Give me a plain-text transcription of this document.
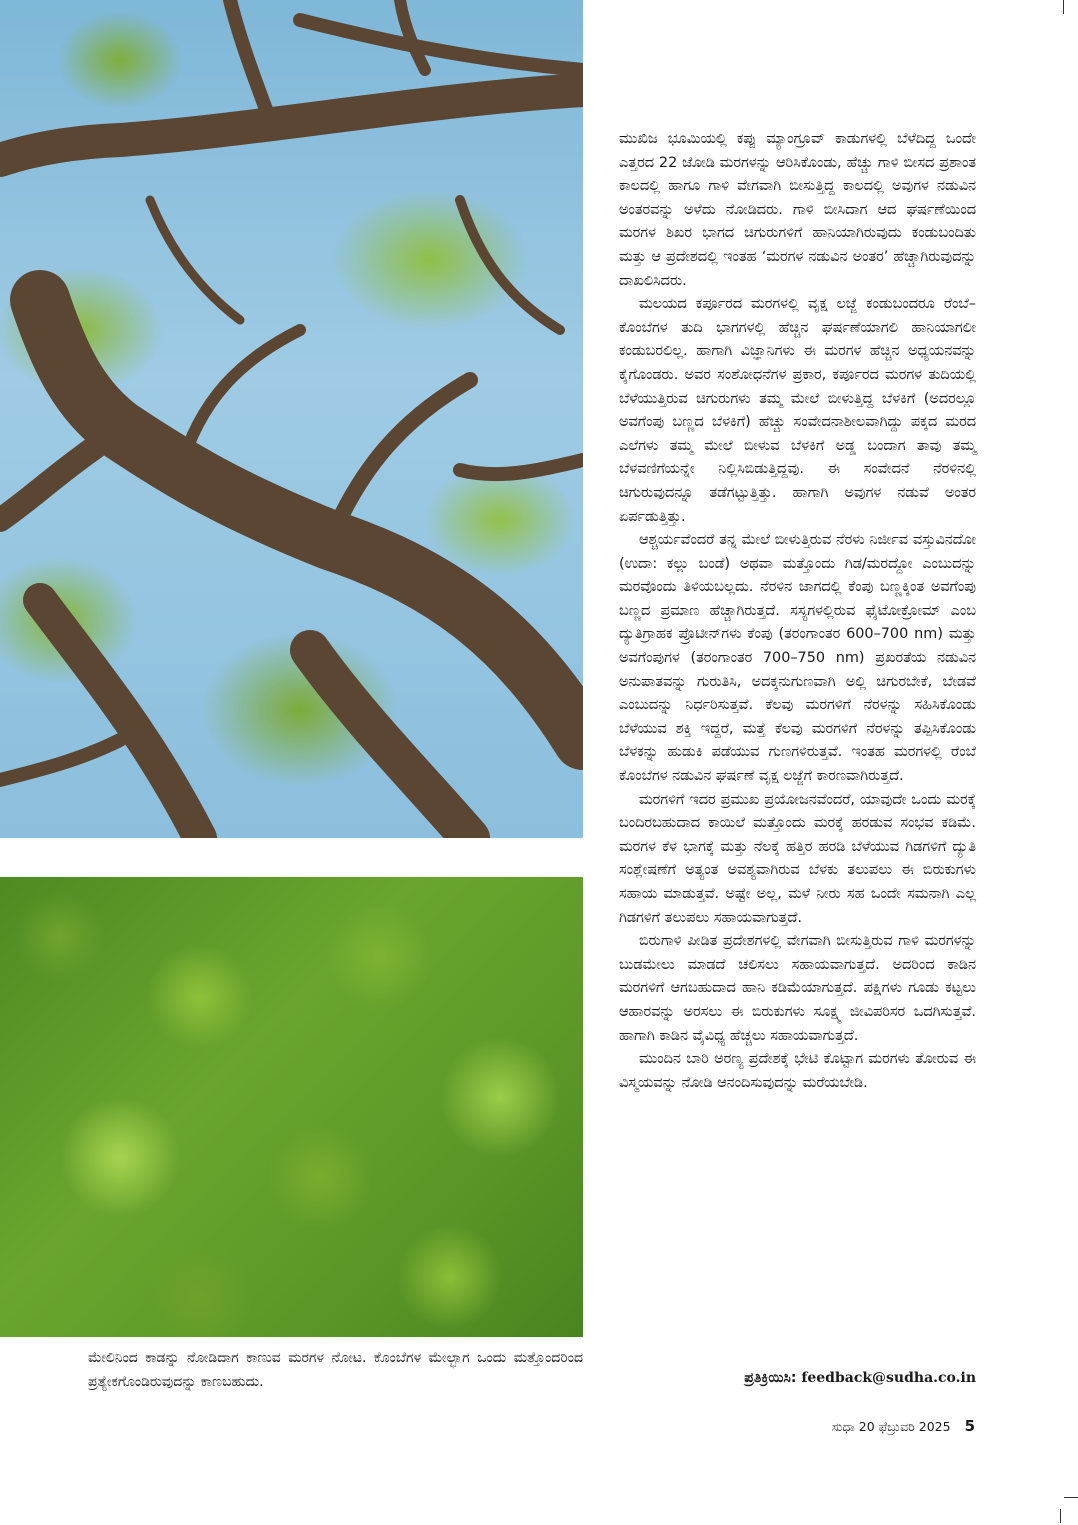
ಮುಖಿಜ ಭೂಮಿಯಲ್ಲಿ ಕಪ್ಪು ಮ್ಯಾಂಗ್ರೂವ್ ಕಾಡುಗಳಲ್ಲಿ ಬೆಳೆದಿದ್ದ ಒಂದೇ ಎತ್ತರದ 22 ಜೋಡಿ ಮರಗಳನ್ನು ಆರಿಸಿಕೊಂಡು, ಹೆಚ್ಚು ಗಾಳಿ ಬೀಸದ ಪ್ರಶಾಂತ ಕಾಲದಲ್ಲಿ ಹಾಗೂ ಗಾಳಿ ವೇಗವಾಗಿ ಬೀಸುತ್ತಿದ್ದ ಕಾಲದಲ್ಲಿ ಅವುಗಳ ನಡುವಿನ ಅಂತರವನ್ನು ಅಳೆದು ನೋಡಿದರು. ಗಾಳಿ ಬೀಸಿದಾಗ ಆದ ಘರ್ಷಣೆಯಿಂದ ಮರಗಳ ಶಿಖರ ಭಾಗದ ಚಿಗುರುಗಳಿಗೆ ಹಾನಿಯಾಗಿರುವುದು ಕಂಡುಬಂದಿತು ಮತ್ತು ಆ ಪ್ರದೇಶದಲ್ಲಿ ಇಂತಹ ‘ಮರಗಳ ನಡುವಿನ ಅಂತರ’ ಹೆಚ್ಚಾಗಿರುವುದನ್ನು ದಾಖಲಿಸಿದರು.

ಮಲಯದ ಕರ್ಪೂರದ ಮರಗಳಲ್ಲಿ ವೃಕ್ಷ ಲಜ್ಜೆ ಕಂಡುಬಂದರೂ ರೆಂಬೆ–ಕೊಂಬೆಗಳ ತುದಿ ಭಾಗಗಳಲ್ಲಿ ಹೆಚ್ಚಿನ ಘರ್ಷಣೆಯಾಗಲಿ ಹಾನಿಯಾಗಲೀ ಕಂಡುಬರಲಿಲ್ಲ. ಹಾಗಾಗಿ ವಿಜ್ಞಾನಿಗಳು ಈ ಮರಗಳ ಹೆಚ್ಚಿನ ಅಧ್ಯಯನವನ್ನು ಕೈಗೊಂಡರು. ಅವರ ಸಂಶೋಧನೆಗಳ ಪ್ರಕಾರ, ಕರ್ಪೂರದ ಮರಗಳ ತುದಿಯಲ್ಲಿ ಬೆಳೆಯುತ್ತಿರುವ ಚಿಗುರುಗಳು ತಮ್ಮ ಮೇಲೆ ಬೀಳುತ್ತಿದ್ದ ಬೆಳಕಿಗೆ (ಅದರಲ್ಲೂ ಅವಗೆಂಪು ಬಣ್ಣದ ಬೆಳಕಿಗೆ) ಹೆಚ್ಚು ಸಂವೇದನಾಶೀಲವಾಗಿದ್ದು ಪಕ್ಕದ ಮರದ ಎಲೆಗಳು ತಮ್ಮ ಮೇಲೆ ಬೀಳುವ ಬೆಳಕಿಗೆ ಅಡ್ಡ ಬಂದಾಗ ತಾವು ತಮ್ಮ ಬೆಳವಣಿಗೆಯನ್ನೇ ನಿಲ್ಲಿಸಿಬಿಡುತ್ತಿದ್ದವು. ಈ ಸಂವೇದನೆ ನೆರಳಿನಲ್ಲಿ ಚಿಗುರುವುದನ್ನೂ ತಡೆಗಟ್ಟುತ್ತಿತ್ತು. ಹಾಗಾಗಿ ಅವುಗಳ ನಡುವೆ ಅಂತರ ಏರ್ಪಡುತ್ತಿತ್ತು.

ಆಶ್ಚರ್ಯವೆಂದರೆ ತನ್ನ ಮೇಲೆ ಬೀಳುತ್ತಿರುವ ನೆರಳು ನಿರ್ಜೀವ ವಸ್ತುವಿನದೋ (ಉದಾ: ಕಲ್ಲು ಬಂಡೆ) ಅಥವಾ ಮತ್ತೊಂದು ಗಿಡ/ಮರದ್ದೋ ಎಂಬುದನ್ನು ಮರವೊಂದು ತಿಳಿಯಬಲ್ಲದು. ನೆರಳಿನ ಜಾಗದಲ್ಲಿ ಕೆಂಪು ಬಣ್ಣಕ್ಕಿಂತ ಅವಗೆಂಪು ಬಣ್ಣದ ಪ್ರಮಾಣ ಹೆಚ್ಚಾಗಿರುತ್ತದೆ. ಸಸ್ಯಗಳಲ್ಲಿರುವ ಫೈಟೋಕ್ರೋಮ್ ಎಂಬ ದ್ಯುತಿಗ್ರಾಹಕ ಪ್ರೊಟೀನ್‌ಗಳು ಕೆಂಪು (ತರಂಗಾಂತರ 600–700 nm) ಮತ್ತು ಅವಗೆಂಪುಗಳ (ತರಂಗಾಂತರ 700–750 nm) ಪ್ರಖರತೆಯ ನಡುವಿನ ಅನುಪಾತವನ್ನು ಗುರುತಿಸಿ, ಅದಕ್ಕನುಗುಣವಾಗಿ ಅಲ್ಲಿ ಚಿಗುರಬೇಕೆ, ಬೇಡವೆ ಎಂಬುದನ್ನು ನಿರ್ಧರಿಸುತ್ತವೆ. ಕೆಲವು ಮರಗಳಿಗೆ ನೆರಳನ್ನು ಸಹಿಸಿಕೊಂಡು ಬೆಳೆಯುವ ಶಕ್ತಿ ಇದ್ದರೆ, ಮತ್ತೆ ಕೆಲವು ಮರಗಳಿಗೆ ನೆರಳನ್ನು ತಪ್ಪಿಸಿಕೊಂಡು ಬೆಳಕನ್ನು ಹುಡುಕಿ ಪಡೆಯುವ ಗುಣಗಳಿರುತ್ತವೆ. ಇಂತಹ ಮರಗಳಲ್ಲಿ ರೆಂಬೆ ಕೊಂಬೆಗಳ ನಡುವಿನ ಘರ್ಷಣೆ ವೃಕ್ಷ ಲಜ್ಜೆಗೆ ಕಾರಣವಾಗಿರುತ್ತದೆ.

ಮರಗಳಿಗೆ ಇದರ ಪ್ರಮುಖ ಪ್ರಯೋಜನವೆಂದರೆ, ಯಾವುದೇ ಒಂದು ಮರಕ್ಕೆ ಬಂದಿರಬಹುದಾದ ಕಾಯಿಲೆ ಮತ್ತೊಂದು ಮರಕ್ಕೆ ಹರಡುವ ಸಂಭವ ಕಡಿಮೆ. ಮರಗಳ ಕೆಳ ಭಾಗಕ್ಕೆ ಮತ್ತು ನೆಲಕ್ಕೆ ಹತ್ತಿರ ಹರಡಿ ಬೆಳೆಯುವ ಗಿಡಗಳಿಗೆ ದ್ಯುತಿ ಸಂಶ್ಲೇಷಣೆಗೆ ಅತ್ಯಂತ ಅವಶ್ಯವಾಗಿರುವ ಬೆಳಕು ತಲುಪಲು ಈ ಬಿರುಕುಗಳು ಸಹಾಯ ಮಾಡುತ್ತವೆ. ಅಷ್ಟೇ ಅಲ್ಲ, ಮಳೆ ನೀರು ಸಹ ಒಂದೇ ಸಮನಾಗಿ ಎಲ್ಲ ಗಿಡಗಳಿಗೆ ತಲುಪಲು ಸಹಾಯವಾಗುತ್ತದೆ.

ಬಿರುಗಾಳಿ ಪೀಡಿತ ಪ್ರದೇಶಗಳಲ್ಲಿ ವೇಗವಾಗಿ ಬೀಸುತ್ತಿರುವ ಗಾಳಿ ಮರಗಳನ್ನು ಬುಡಮೇಲು ಮಾಡದೆ ಚಲಿಸಲು ಸಹಾಯವಾಗುತ್ತದೆ. ಅದರಿಂದ ಕಾಡಿನ ಮರಗಳಿಗೆ ಆಗಬಹುದಾದ ಹಾನಿ ಕಡಿಮೆಯಾಗುತ್ತದೆ. ಪಕ್ಷಿಗಳು ಗೂಡು ಕಟ್ಟಲು ಆಹಾರವನ್ನು ಅರಸಲು ಈ ಬಿರುಕುಗಳು ಸೂಕ್ಷ್ಮ ಜೀವಿಪರಿಸರ ಒದಗಿಸುತ್ತವೆ. ಹಾಗಾಗಿ ಕಾಡಿನ ವೈವಿಧ್ಯ ಹೆಚ್ಚಲು ಸಹಾಯವಾಗುತ್ತದೆ.

ಮುಂದಿನ ಬಾರಿ ಅರಣ್ಯ ಪ್ರದೇಶಕ್ಕೆ ಭೇಟಿ ಕೊಟ್ಟಾಗ ಮರಗಳು ತೋರುವ ಈ ವಿಸ್ಮಯವನ್ನು ನೋಡಿ ಆನಂದಿಸುವುದನ್ನು ಮರೆಯಬೇಡಿ.

ಪ್ರತಿಕ್ರಿಯಿಸಿ: feedback@sudha.co.in
ಮೇಲಿನಿಂದ ಕಾಡನ್ನು ನೋಡಿದಾಗ ಕಾಣುವ ಮರಗಳ ನೋಟ. ಕೊಂಬೆಗಳ ಮೇಲ್ಭಾಗ ಒಂದು ಮತ್ತೊಂದರಿಂದ ಪ್ರತ್ಯೇಕಗೊಂಡಿರುವುದನ್ನು ಕಾಣಬಹುದು.
ಸುಧಾ 20 ಫೆಬ್ರುವರಿ 2025 5
